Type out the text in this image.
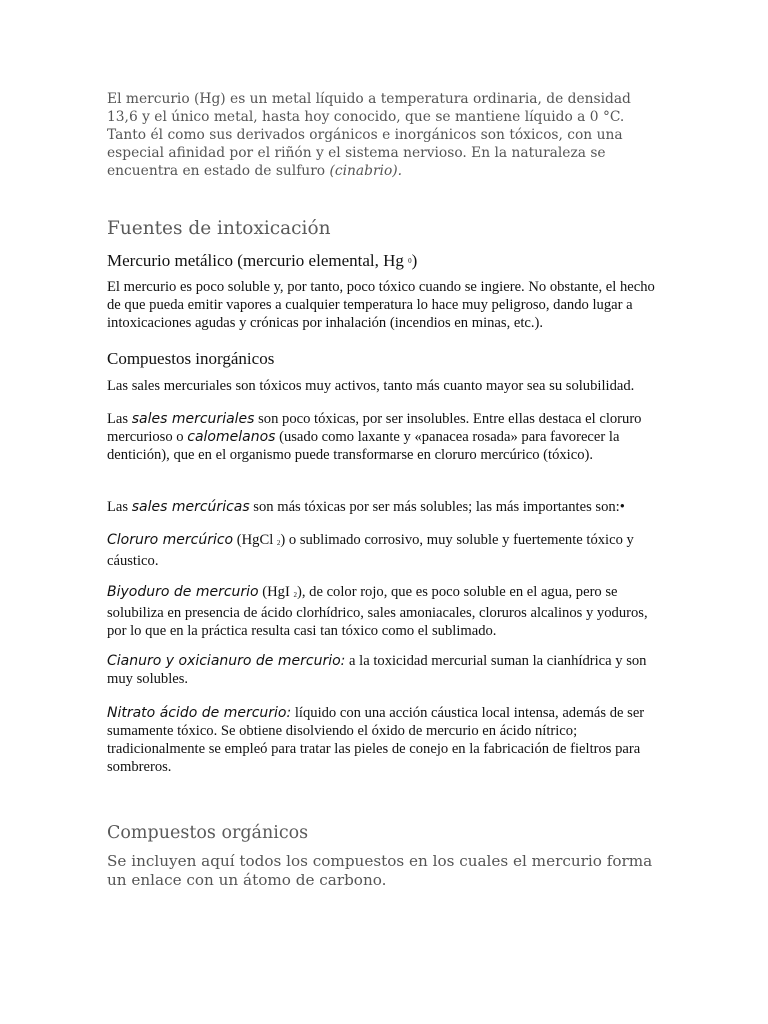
El mercurio (Hg) es un metal líquido a temperatura ordinaria, de densidad 13,6 y el único metal, hasta hoy conocido, que se mantiene líquido a 0 °C. Tanto él como sus derivados orgánicos e inorgánicos son tóxicos, con una especial afinidad por el riñón y el sistema nervioso. En la naturaleza se encuentra en estado de sulfuro (cinabrio).

Fuentes de intoxicación
Mercurio metálico (mercurio elemental, Hg $^0$)

El mercurio es poco soluble y, por tanto, poco tóxico cuando se ingiere. No obstante, el hecho de que pueda emitir vapores a cualquier temperatura lo hace muy peligroso, dando lugar a intoxicaciones agudas y crónicas por inhalación (incendios en minas, etc.).

Compuestos inorgánicos

Las sales mercuriales son tóxicos muy activos, tanto más cuanto mayor sea su solubilidad.

Las sales mercuriales son poco tóxicas, por ser insolubles. Entre ellas destaca el cloruro mercurioso o calomelanos (usado como laxante y «panacea rosada» para favorecer la dentición), que en el organismo puede transformarse en cloruro mercúrico (tóxico).

Las sales mercúricas son más tóxicas por ser más solubles; las más importantes son:•

Cloruro mercúrico (HgCl 2) o sublimado corrosivo, muy soluble y fuertemente tóxico y cáustico.

Biyoduro de mercurio (HgI 2), de color rojo, que es poco soluble en el agua, pero se solubiliza en presencia de ácido clorhídrico, sales amoniacales, cloruros alcalinos y yoduros, por lo que en la práctica resulta casi tan tóxico como el sublimado.

Cianuro y oxicianuro de mercurio: a la toxicidad mercurial suman la cianhídrica y son muy solubles.

Nitrato ácido de mercurio: líquido con una acción cáustica local intensa, además de ser sumamente tóxico. Se obtiene disolviendo el óxido de mercurio en ácido nítrico; tradicionalmente se empleó para tratar las pieles de conejo en la fabricación de fieltros para sombreros.

Compuestos orgánicos

Se incluyen aquí todos los compuestos en los cuales el mercurio forma un enlace con un átomo de carbono.
